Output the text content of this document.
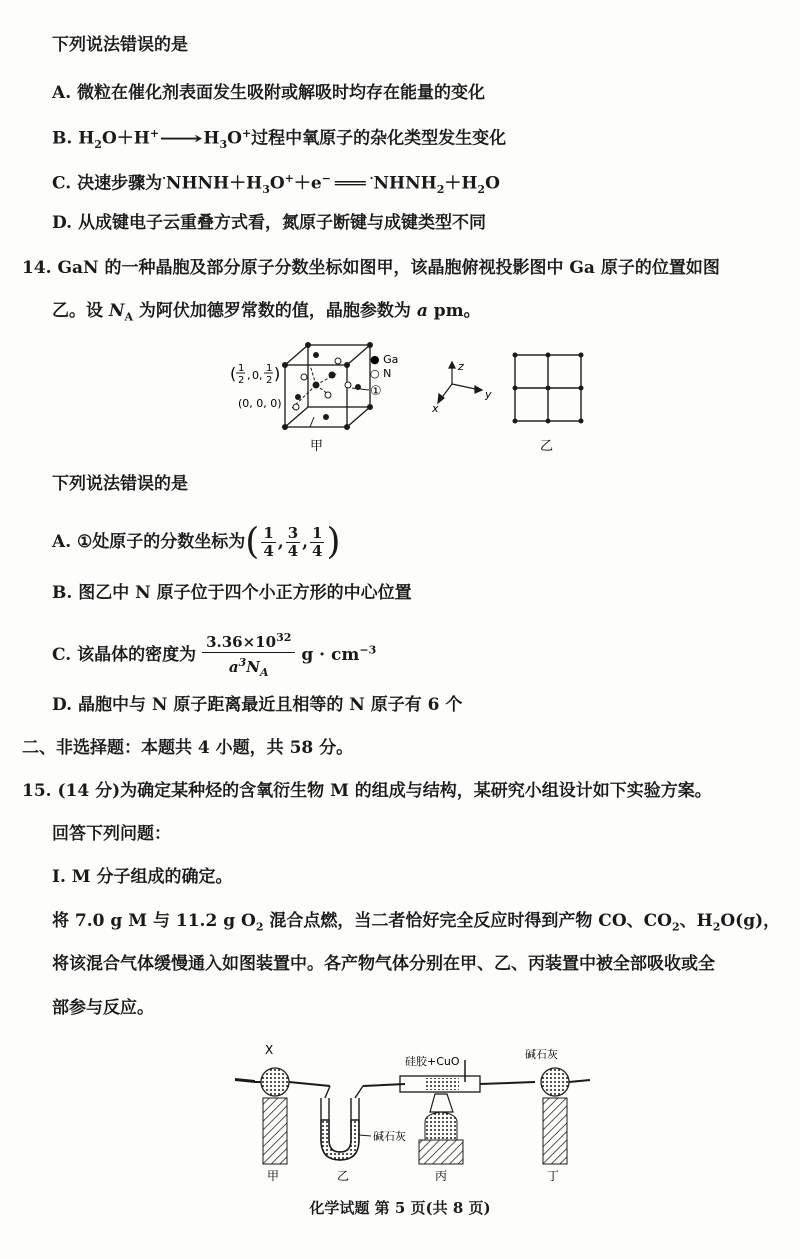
下列说法错误的是
A. 微粒在催化剂表面发生吸附或解吸时均存在能量的变化
B. $H_2O+H^+⟶H_3O^+$过程中氧原子的杂化类型发生变化
C. 决速步骤为$^\cdot NHNH+H_3O^++e^-$ ═══ $^\cdot NHNH_2+H_2O$
D. 从成键电子云重叠方式看，氮原子断键与成键类型不同
14. GaN 的一种晶胞及部分原子分数坐标如图甲，该晶胞俯视投影图中 Ga 原子的位置如图
乙。设 $N_A$ 为阿伏加德罗常数的值，晶胞参数为 a pm。
( 1
2 , 0 ,
1
2 )
(0, 0, 0)
● Ga
○ N
①
甲
z
y
x
乙
下列说法错误的是
A. ①处原子的分数坐标为( $\frac{1}{4}$ , $\frac{3}{4}$ , $\frac{1}{4}$ )
B. 图乙中 N 原子位于四个小正方形的中心位置
C. 该晶体的密度为 $\frac{3.36\times 10^{32}}{a^3N_A}$ $g \cdot cm^{-3}$
D. 晶胞中与 N 原子距离最近且相等的 N 原子有 6 个
二、非选择题：本题共 4 小题，共 58 分。
15. (14 分)为确定某种烃的含氧衍生物 M 的组成与结构，某研究小组设计如下实验方案。
回答下列问题：
Ⅰ. M 分子组成的确定。
将 7.0 g M 与 11.2 g $O_2$ 混合点燃，当二者恰好完全反应时得到产物 CO、$CO_2$、$H_2O(g)$，
将该混合气体缓慢通入如图装置中。各产物气体分别在甲、乙、丙装置中被全部吸收或全
部参与反应。
X
硅胶+CuO
碱石灰
碱石灰
甲	乙	丙	丁
化学试题 第 5 页(共 8 页)
